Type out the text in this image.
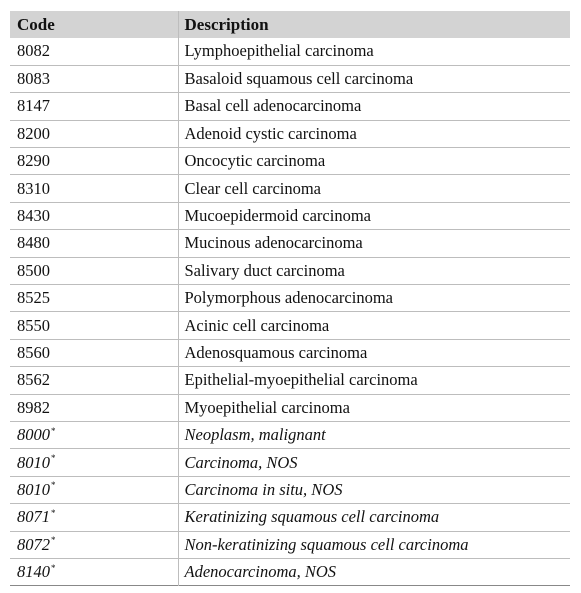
Code	Description
8082	Lymphoepithelial carcinoma
8083	Basaloid squamous cell carcinoma
8147	Basal cell adenocarcinoma
8200	Adenoid cystic carcinoma
8290	Oncocytic carcinoma
8310	Clear cell carcinoma
8430	Mucoepidermoid carcinoma
8480	Mucinous adenocarcinoma
8500	Salivary duct carcinoma
8525	Polymorphous adenocarcinoma
8550	Acinic cell carcinoma
8560	Adenosquamous carcinoma
8562	Epithelial-myoepithelial carcinoma
8982	Myoepithelial carcinoma
8000*	Neoplasm, malignant
8010*	Carcinoma, NOS
8010*	Carcinoma in situ, NOS
8071*	Keratinizing squamous cell carcinoma
8072*	Non-keratinizing squamous cell carcinoma
8140*	Adenocarcinoma, NOS
